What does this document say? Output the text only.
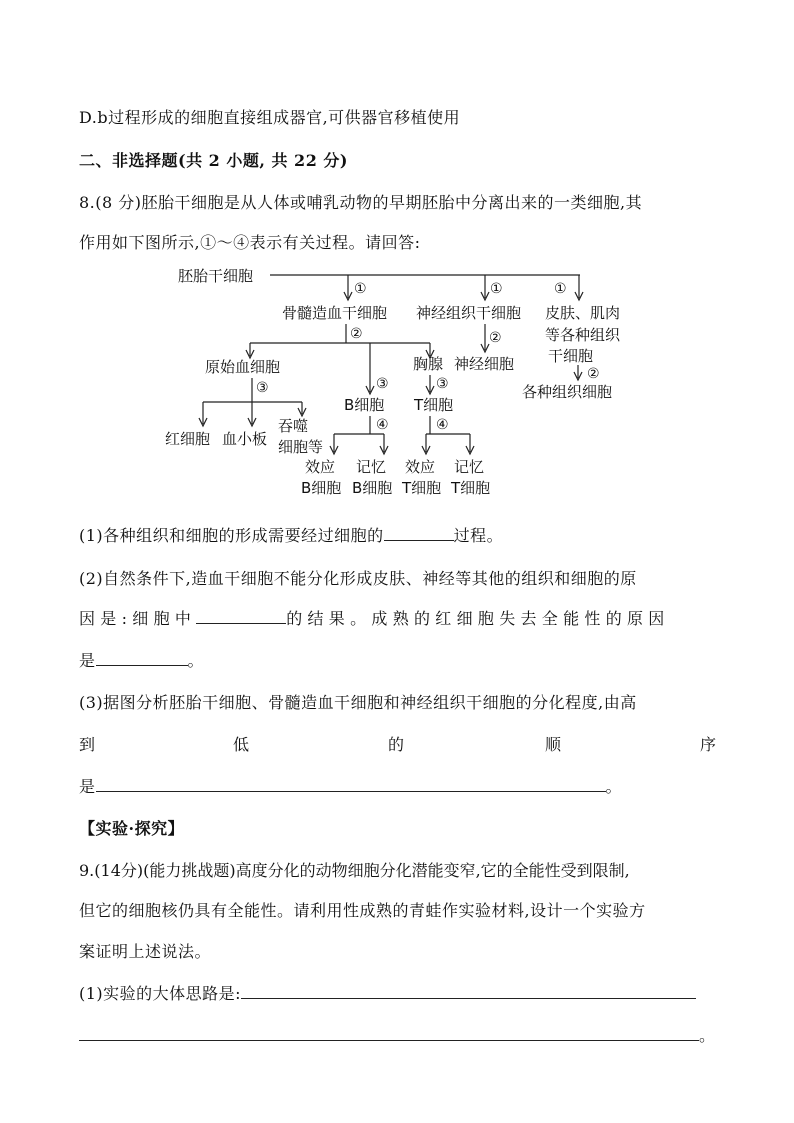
D.b过程形成的细胞直接组成器官,可供器官移植使用
二、非选择题(共 2 小题, 共 22 分)
8.(8 分)胚胎干细胞是从人体或哺乳动物的早期胚胎中分离出来的一类细胞,其
作用如下图所示,①～④表示有关过程。请回答:
胚胎干细胞
①	①	①
骨髓造血干细胞 神经组织干细胞 皮肤、肌肉
等各种组织
干细胞
②	②
②
原始血细胞	胸腺 神经细胞
各种组织细胞
③	③	③
B细胞 T细胞
红细胞 血小板
吞噬
细胞等
④	④
效应
B细胞
记忆
B细胞
效应
T细胞
记忆
T细胞
(1)各种组织和细胞的形成需要经过细胞的	过程。
(2)自然条件下,造血干细胞不能分化形成皮肤、神经等其他的组织和细胞的原
因是:细胞中	的结果。成熟的红细胞失去全能性的原因
是	。
(3)据图分析胚胎干细胞、骨髓造血干细胞和神经组织干细胞的分化程度,由高
到	低	的	顺	序
是	。
【实验·探究】
9.(14分)(能力挑战题)高度分化的动物细胞分化潜能变窄,它的全能性受到限制,
但它的细胞核仍具有全能性。请利用性成熟的青蛙作实验材料,设计一个实验方
案证明上述说法。
(1)实验的大体思路是:
。
